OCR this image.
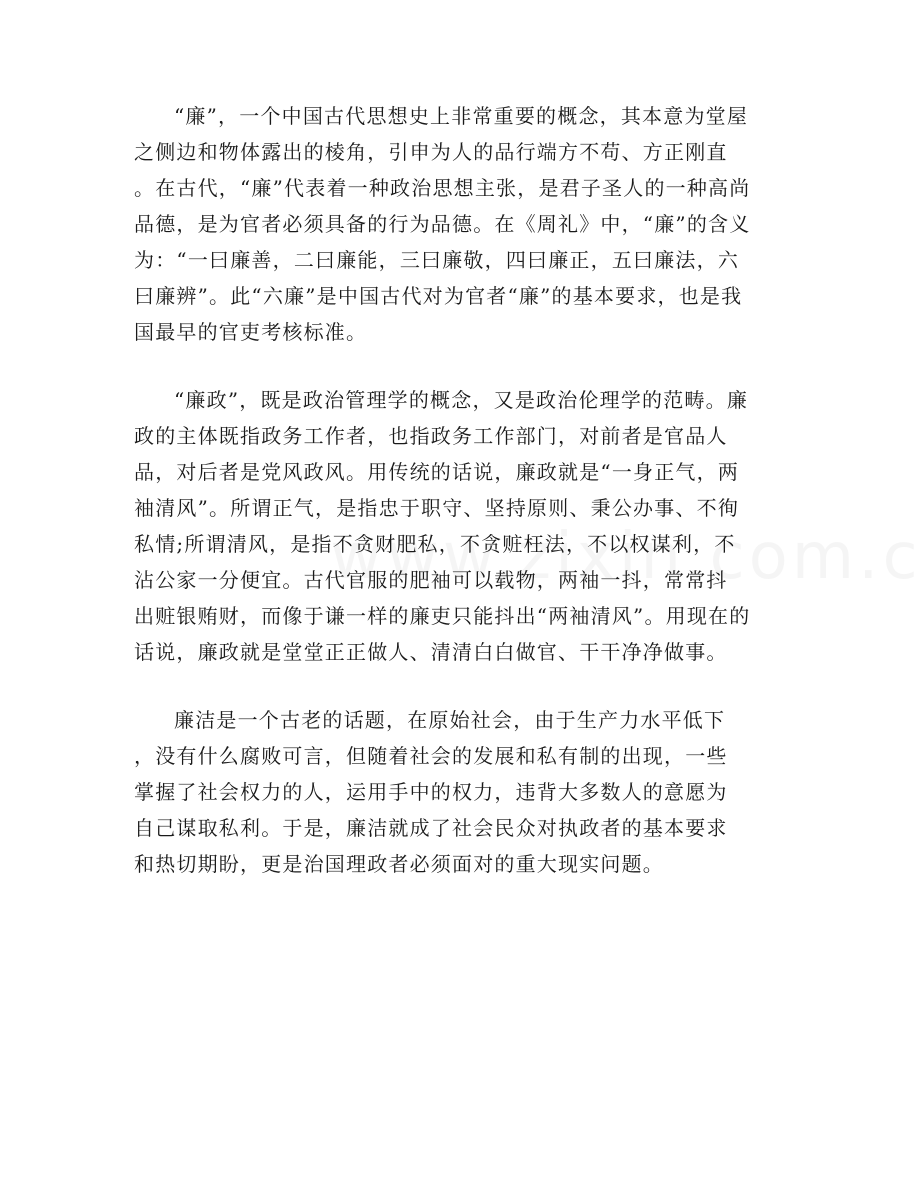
“廉”，一个中国古代思想史上非常重要的概念，其本意为堂屋
之侧边和物体露出的棱角，引申为人的品行端方不苟、方正刚直
。在古代，“廉”代表着一种政治思想主张，是君子圣人的一种高尚
品德，是为官者必须具备的行为品德。在《周礼》中，“廉”的含义
为：“一曰廉善，二曰廉能，三曰廉敬，四曰廉正，五曰廉法，六
曰廉辨”。此“六廉”是中国古代对为官者“廉”的基本要求，也是我
国最早的官吏考核标准。
“廉政”，既是政治管理学的概念，又是政治伦理学的范畴。廉
政的主体既指政务工作者，也指政务工作部门，对前者是官品人
品，对后者是党风政风。用传统的话说，廉政就是“一身正气，两
袖清风”。所谓正气，是指忠于职守、坚持原则、秉公办事、不徇
私情;所谓清风，是指不贪财肥私，不贪赃枉法，不以权谋利，不
沾公家一分便宜。古代官服的肥袖可以载物，两袖一抖，常常抖
出赃银贿财，而像于谦一样的廉吏只能抖出“两袖清风”。用现在的
话说，廉政就是堂堂正正做人、清清白白做官、干干净净做事。
廉洁是一个古老的话题，在原始社会，由于生产力水平低下
，没有什么腐败可言，但随着社会的发展和私有制的出现，一些
掌握了社会权力的人，运用手中的权力，违背大多数人的意愿为
自己谋取私利。于是，廉洁就成了社会民众对执政者的基本要求
和热切期盼，更是治国理政者必须面对的重大现实问题。
